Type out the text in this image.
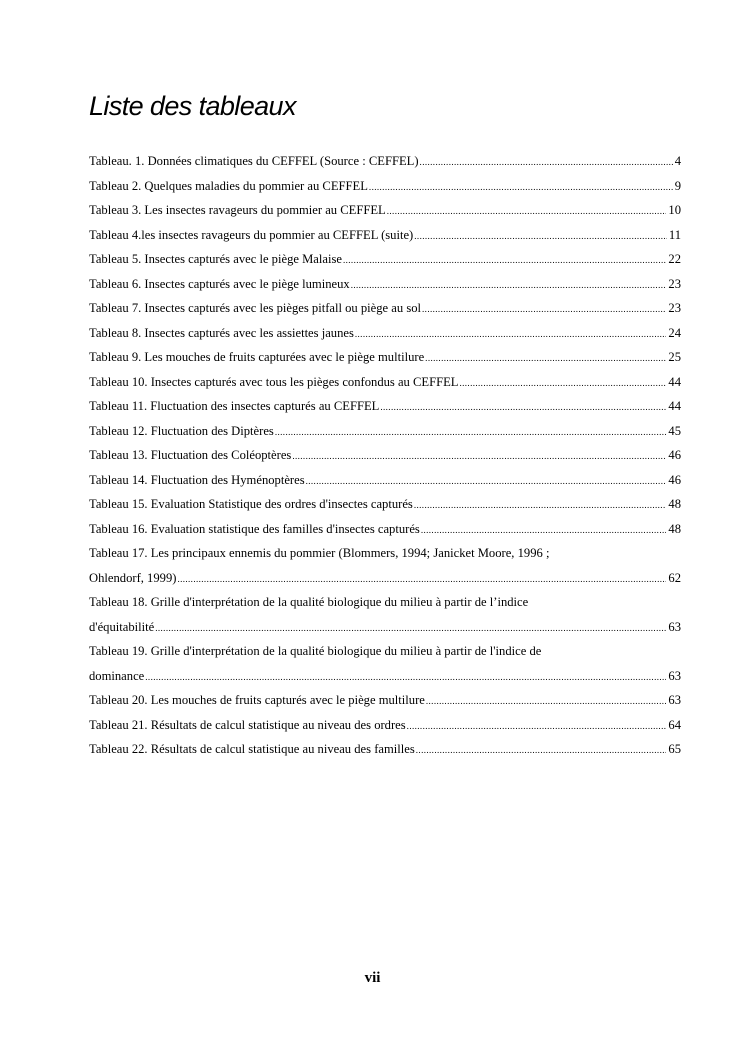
Liste des tableaux
Tableau. 1. Données climatiques du CEFFEL (Source : CEFFEL) .....	4
Tableau 2. Quelques maladies du pommier au CEFFEL .....	9
Tableau 3. Les insectes ravageurs du pommier au CEFFEL .....	10
Tableau 4.les insectes ravageurs du pommier au CEFFEL (suite) .....	11
Tableau 5. Insectes capturés avec le piège Malaise .....	22
Tableau 6. Insectes capturés avec le piège lumineux .....	23
Tableau 7. Insectes capturés avec les pièges pitfall ou piège au sol .....	23
Tableau 8. Insectes capturés avec les assiettes jaunes .....	24
Tableau 9. Les mouches de fruits capturées avec le piège multilure .....	25
Tableau 10. Insectes capturés avec tous les pièges confondus au CEFFEL .....	44
Tableau 11. Fluctuation des insectes capturés au CEFFEL .....	44
Tableau 12. Fluctuation des Diptères .....	45
Tableau 13. Fluctuation des Coléoptères .....	46
Tableau 14. Fluctuation des Hyménoptères .....	46
Tableau 15. Evaluation Statistique des ordres d'insectes capturés .....	48
Tableau 16. Evaluation statistique des familles d'insectes capturés .....	48
Tableau 17. Les principaux ennemis du pommier (Blommers, 1994; Janicket Moore, 1996 ;
Ohlendorf, 1999) .....	62
Tableau 18. Grille d'interprétation de la qualité biologique du milieu à partir de l’indice
d'équitabilité .....	63
Tableau 19. Grille d'interprétation de la qualité biologique du milieu à partir de l'indice de
dominance .....	63
Tableau 20. Les mouches de fruits capturés avec le piège multilure .....	63
Tableau 21. Résultats de calcul statistique au niveau des ordres .....	64
Tableau 22. Résultats de calcul statistique au niveau des familles .....	65
vii
